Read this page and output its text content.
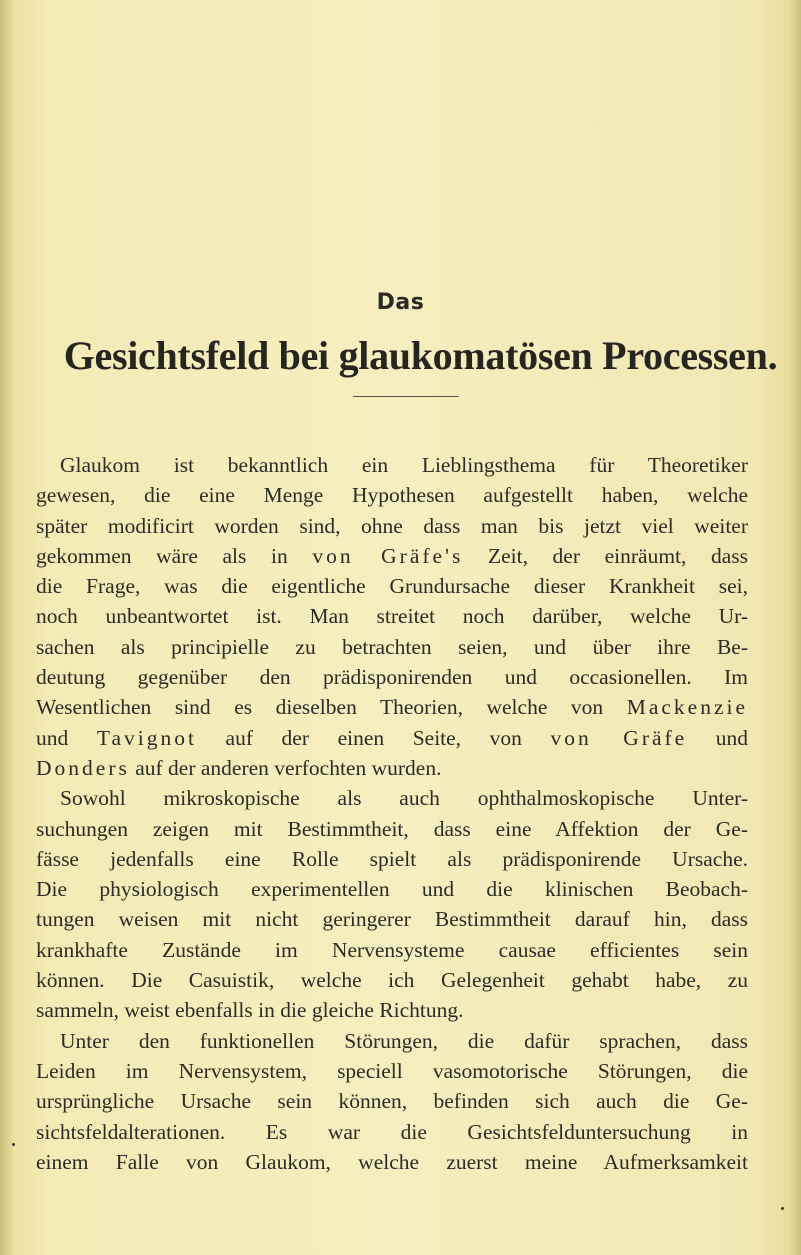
Das
Gesichtsfeld bei glaukomatösen Processen.
Glaukom ist bekanntlich ein Lieblingsthema für Theoretiker
gewesen, die eine Menge Hypothesen aufgestellt haben, welche
später modificirt worden sind, ohne dass man bis jetzt viel weiter
gekommen wäre als in von Gräfe's Zeit, der einräumt, dass
die Frage, was die eigentliche Grundursache dieser Krankheit sei,
noch unbeantwortet ist. Man streitet noch darüber, welche Ur-
sachen als principielle zu betrachten seien, und über ihre Be-
deutung gegenüber den prädisponirenden und occasionellen. Im
Wesentlichen sind es dieselben Theorien, welche von Mackenzie
und Tavignot auf der einen Seite, von von Gräfe und
Donders auf der anderen verfochten wurden.
Sowohl mikroskopische als auch ophthalmoskopische Unter-
suchungen zeigen mit Bestimmtheit, dass eine Affektion der Ge-
fässe jedenfalls eine Rolle spielt als prädisponirende Ursache.
Die physiologisch experimentellen und die klinischen Beobach-
tungen weisen mit nicht geringerer Bestimmtheit darauf hin, dass
krankhafte Zustände im Nervensysteme causae efficientes sein
können. Die Casuistik, welche ich Gelegenheit gehabt habe, zu
sammeln, weist ebenfalls in die gleiche Richtung.
Unter den funktionellen Störungen, die dafür sprachen, dass
Leiden im Nervensystem, speciell vasomotorische Störungen, die
ursprüngliche Ursache sein können, befinden sich auch die Ge-
sichtsfeldalterationen. Es war die Gesichtsfelduntersuchung in
einem Falle von Glaukom, welche zuerst meine Aufmerksamkeit
